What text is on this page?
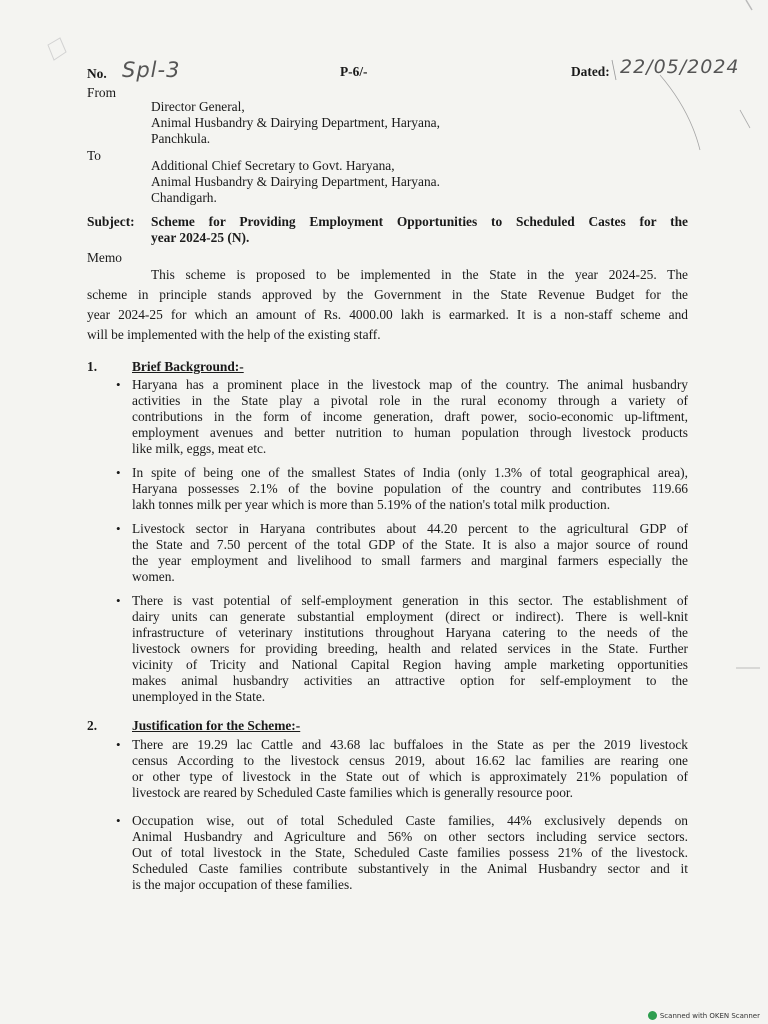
No. Spl-3	P-6/-	Dated: 22/05/2024
From
Director General,
Animal Husbandry & Dairying Department, Haryana,
Panchkula.
To
Additional Chief Secretary to Govt. Haryana,
Animal Husbandry & Dairying Department, Haryana.
Chandigarh.
Subject: Scheme for Providing Employment Opportunities to Scheduled Castes for the
year 2024-25 (N).
Memo
This scheme is proposed to be implemented in the State in the year 2024-25. The
scheme in principle stands approved by the Government in the State Revenue Budget for the
year 2024-25 for which an amount of Rs. 4000.00 lakh is earmarked. It is a non-staff scheme and
will be implemented with the help of the existing staff.
1.	Brief Background:-
• Haryana has a prominent place in the livestock map of the country. The animal husbandry
activities in the State play a pivotal role in the rural economy through a variety of
contributions in the form of income generation, draft power, socio-economic up-liftment,
employment avenues and better nutrition to human population through livestock products
like milk, eggs, meat etc.
• In spite of being one of the smallest States of India (only 1.3% of total geographical area),
Haryana possesses 2.1% of the bovine population of the country and contributes 119.66
lakh tonnes milk per year which is more than 5.19% of the nation's total milk production.
• Livestock sector in Haryana contributes about 44.20 percent to the agricultural GDP of
the State and 7.50 percent of the total GDP of the State. It is also a major source of round
the year employment and livelihood to small farmers and marginal farmers especially the
women.
• There is vast potential of self-employment generation in this sector. The establishment of
dairy units can generate substantial employment (direct or indirect). There is well-knit
infrastructure of veterinary institutions throughout Haryana catering to the needs of the
livestock owners for providing breeding, health and related services in the State. Further
vicinity of Tricity and National Capital Region having ample marketing opportunities
makes animal husbandry activities an attractive option for self-employment to the
unemployed in the State.
2.	Justification for the Scheme:-
• There are 19.29 lac Cattle and 43.68 lac buffaloes in the State as per the 2019 livestock
census According to the livestock census 2019, about 16.62 lac families are rearing one
or other type of livestock in the State out of which is approximately 21% population of
livestock are reared by Scheduled Caste families which is generally resource poor.
• Occupation wise, out of total Scheduled Caste families, 44% exclusively depends on
Animal Husbandry and Agriculture and 56% on other sectors including service sectors.
Out of total livestock in the State, Scheduled Caste families possess 21% of the livestock.
Scheduled Caste families contribute substantively in the Animal Husbandry sector and it
is the major occupation of these families.
Scanned with OKEN Scanner
